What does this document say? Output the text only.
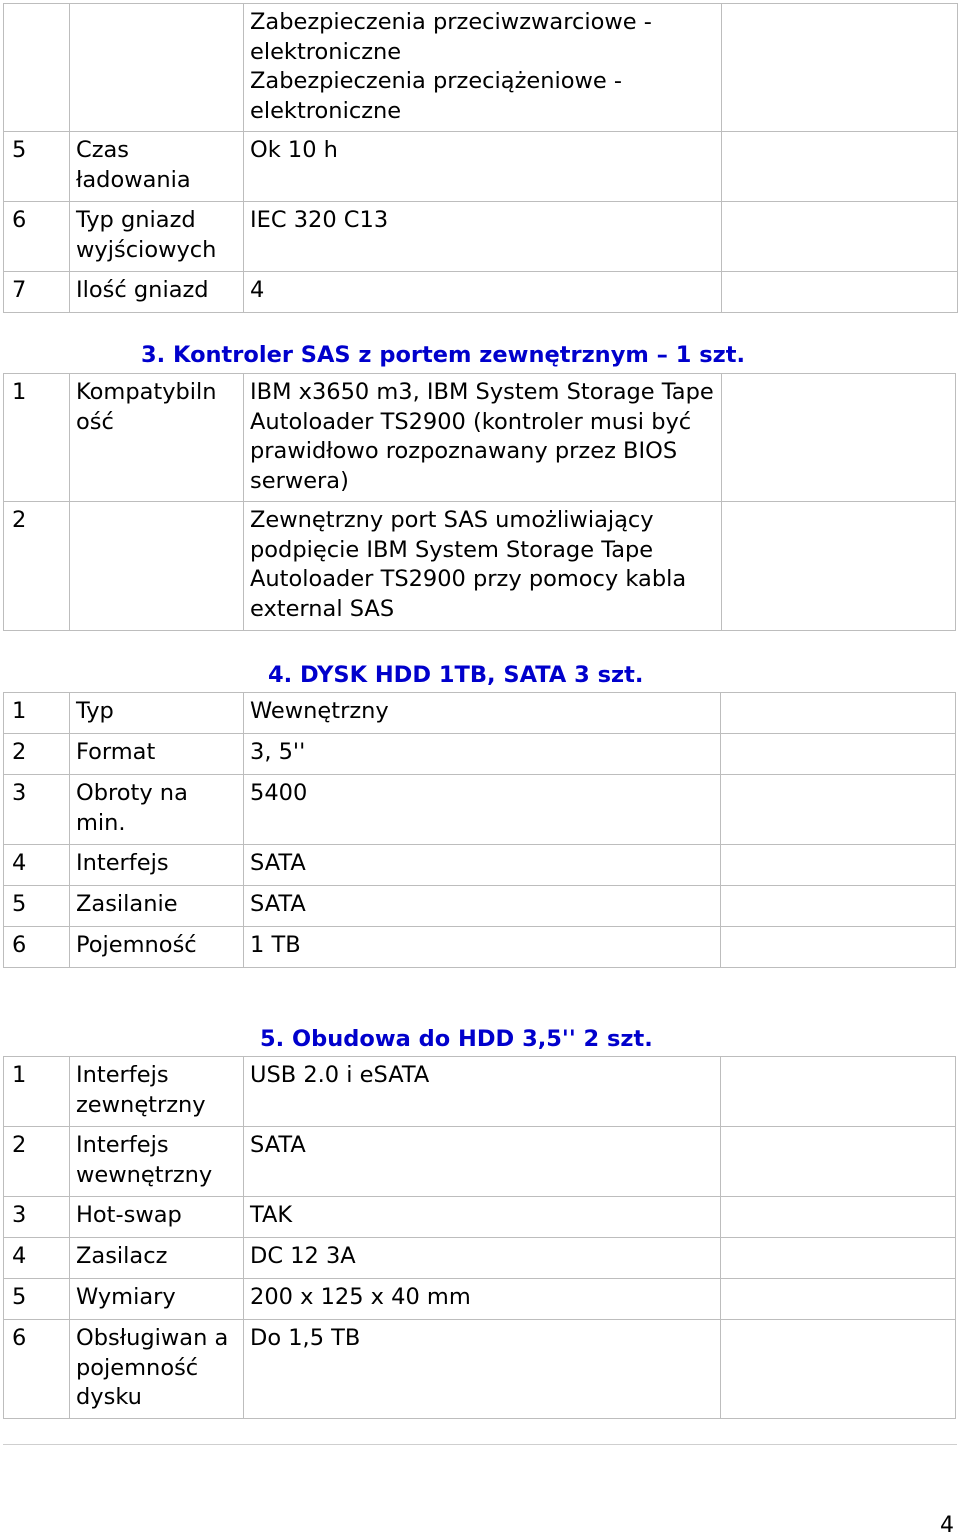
		Zabezpieczenia przeciwzwarciowe - elektroniczne
Zabezpieczenia przeciążeniowe - elektroniczne	

5	Czas ładowania	Ok 10 h	
6	Typ gniazd wyjściowych	IEC 320 C13	
7	Ilość gniazd	4	
3. Kontroler SAS z portem zewnętrznym – 1 szt.
1	Kompatybiln ość	IBM x3650 m3, IBM System Storage Tape Autoloader TS2900 (kontroler musi być prawidłowo rozpoznawany przez BIOS serwera)	
2		Zewnętrzny port SAS umożliwiający podpięcie IBM System Storage Tape Autoloader TS2900 przy pomocy kabla external SAS	
4. DYSK HDD 1TB, SATA 3 szt.
1	Typ	Wewnętrzny	
2	Format	3, 5''	
3	Obroty na min.	5400	
4	Interfejs	SATA	
5	Zasilanie	SATA	
6	Pojemność	1 TB	
5. Obudowa do HDD 3,5'' 2 szt.
1	Interfejs zewnętrzny	USB 2.0 i eSATA	
2	Interfejs wewnętrzny	SATA	
3	Hot-swap	TAK	
4	Zasilacz	DC 12 3A	
5	Wymiary	200 x 125 x 40 mm	
6	Obsługiwan a pojemność dysku	Do 1,5 TB	
4
